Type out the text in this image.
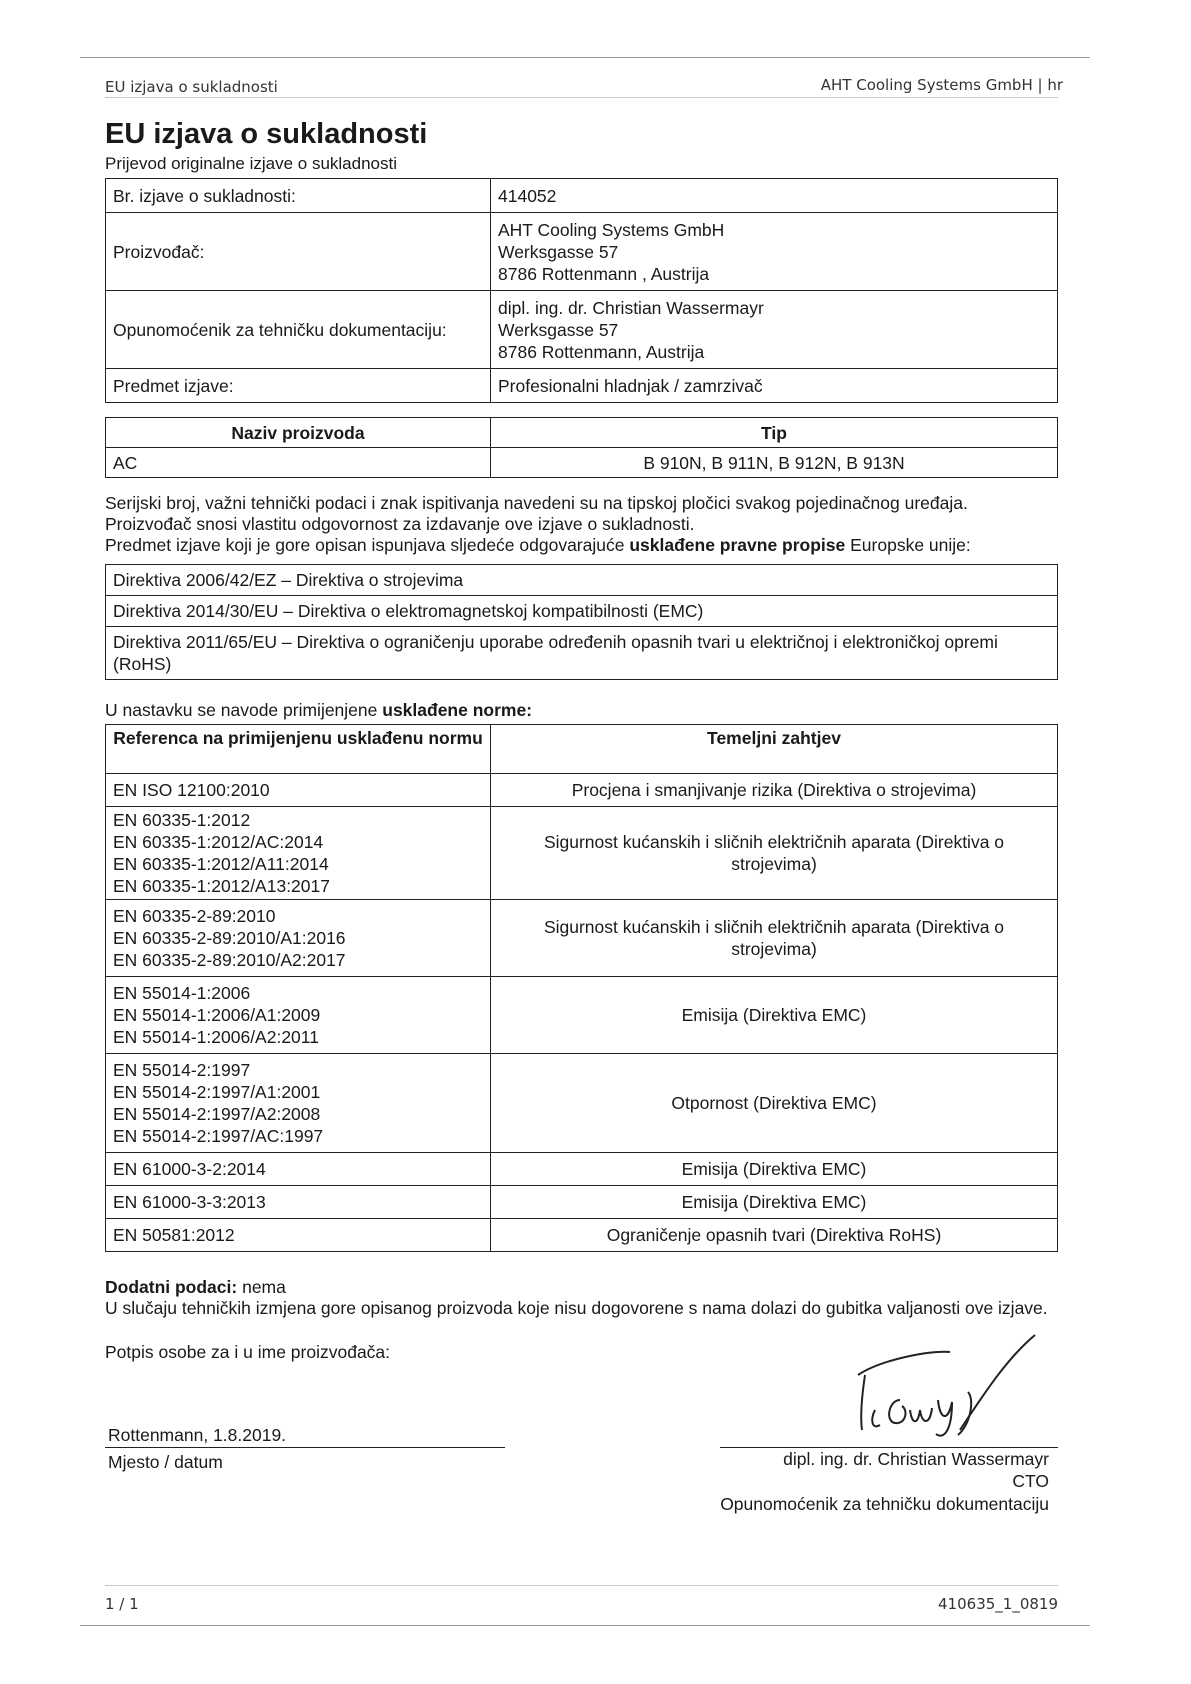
EU izjava o sukladnosti	AHT Cooling Systems GmbH | hr
EU izjava o sukladnosti
Prijevod originalne izjave o sukladnosti
Br. izjave o sukladnosti:	414052
Proizvođač:	AHT Cooling Systems GmbH
Werksgasse 57
8786 Rottenmann , Austrija
Opunomoćenik za tehničku dokumentaciju:	dipl. ing. dr. Christian Wassermayr
Werksgasse 57
8786 Rottenmann, Austrija
Predmet izjave:	Profesionalni hladnjak / zamrzivač
Naziv proizvoda	Tip
AC	B 910N, B 911N, B 912N, B 913N
Serijski broj, važni tehnički podaci i znak ispitivanja navedeni su na tipskoj pločici svakog pojedinačnog uređaja.
Proizvođač snosi vlastitu odgovornost za izdavanje ove izjave o sukladnosti.
Predmet izjave koji je gore opisan ispunjava sljedeće odgovarajuće usklađene pravne propise Europske unije:
Direktiva 2006/42/EZ – Direktiva o strojevima
Direktiva 2014/30/EU – Direktiva o elektromagnetskoj kompatibilnosti (EMC)
Direktiva 2011/65/EU – Direktiva o ograničenju uporabe određenih opasnih tvari u električnoj i elektroničkoj opremi (RoHS)
U nastavku se navode primijenjene usklađene norme:
Referenca na primijenjenu usklađenu normu	Temeljni zahtjev
EN ISO 12100:2010	Procjena i smanjivanje rizika (Direktiva o strojevima)
EN 60335-1:2012
EN 60335-1:2012/AC:2014
EN 60335-1:2012/A11:2014
EN 60335-1:2012/A13:2017	Sigurnost kućanskih i sličnih električnih aparata (Direktiva o strojevima)
EN 60335-2-89:2010
EN 60335-2-89:2010/A1:2016
EN 60335-2-89:2010/A2:2017	Sigurnost kućanskih i sličnih električnih aparata (Direktiva o strojevima)
EN 55014-1:2006
EN 55014-1:2006/A1:2009
EN 55014-1:2006/A2:2011	Emisija (Direktiva EMC)
EN 55014-2:1997
EN 55014-2:1997/A1:2001
EN 55014-2:1997/A2:2008
EN 55014-2:1997/AC:1997	Otpornost (Direktiva EMC)
EN 61000-3-2:2014	Emisija (Direktiva EMC)
EN 61000-3-3:2013	Emisija (Direktiva EMC)
EN 50581:2012	Ograničenje opasnih tvari (Direktiva RoHS)
Dodatni podaci: nema
U slučaju tehničkih izmjena gore opisanog proizvoda koje nisu dogovorene s nama dolazi do gubitka valjanosti ove izjave.
Potpis osobe za i u ime proizvođača:
Rottenmann, 1.8.2019.
Mjesto / datum	dipl. ing. dr. Christian Wassermayr
CTO
Opunomoćenik za tehničku dokumentaciju
1 / 1	410635_1_0819
